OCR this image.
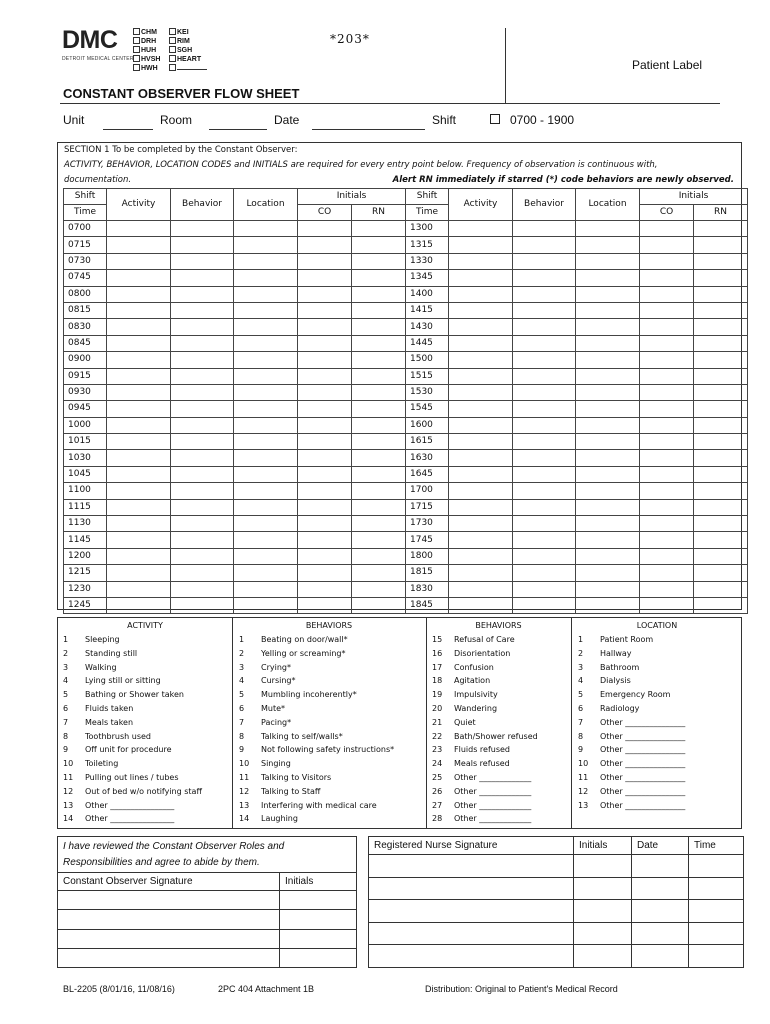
DMC
DETROIT MEDICAL CENTER
CHM
DRH
HUH
HVSH
HWH
KEI
RIM
SGH
HEART
*203*
Patient Label
CONSTANT OBSERVER FLOW SHEET
Unit	Room	Date	Shift	0700 - 1900
SECTION 1 To be completed by the Constant Observer:
ACTIVITY, BEHAVIOR, LOCATION CODES and INITIALS are required for every entry point below. Frequency of observation is continuous with,
documentation.	Alert RN immediately if starred (*) code behaviors are newly observed.
Shift	Activity	Behavior	Location	Initials		Shift	Activity	Behavior	Location	Initials	
Time				CO	RN	Time				CO	RN
0700						1300					
0715						1315					
0730						1330					
0745						1345					
0800						1400					
0815						1415					
0830						1430					
0845						1445					
0900						1500					
0915						1515					
0930						1530					
0945						1545					
1000						1600					
1015						1615					
1030						1630					
1045						1645					
1100						1700					
1115						1715					
1130						1730					
1145						1745					
1200						1800					
1215						1815					
1230						1830					
1245						1845					
ACTIVITY	BEHAVIORS	BEHAVIORS	LOCATION
1 Sleeping
2 Standing still
3 Walking
4 Lying still or sitting
5 Bathing or Shower taken
6 Fluids taken
7 Meals taken
8 Toothbrush used
9 Off unit for procedure
10 Toileting
11 Pulling out lines / tubes
12 Out of bed w/o notifying staff
13 Other ________________
14 Other ________________
1 Beating on door/wall*
2 Yelling or screaming*
3 Crying*
4 Cursing*
5 Mumbling incoherently*
6 Mute*
7 Pacing*
8 Talking to self/walls*
9 Not following safety instructions*
10 Singing
11 Talking to Visitors
12 Talking to Staff
13 Interfering with medical care
14 Laughing
15 Refusal of Care
16 Disorientation
17 Confusion
18 Agitation
19 Impulsivity
20 Wandering
21 Quiet
22 Bath/Shower refused
23 Fluids refused
24 Meals refused
25 Other _____________
26 Other _____________
27 Other _____________
28 Other _____________
1 Patient Room
2 Hallway
3 Bathroom
4 Dialysis
5 Emergency Room
6 Radiology
7 Other _______________
8 Other _______________
9 Other _______________
10 Other _______________
11 Other _______________
12 Other _______________
13 Other _______________
I have reviewed the Constant Observer Roles and
Responsibilities and agree to abide by them.	

Constant Observer Signature	Initials

Registered Nurse Signature	Initials	Date	Time

BL-2205 (8/01/16, 11/08/16)	2PC 404 Attachment 1B	Distribution: Original to Patient's Medical Record
